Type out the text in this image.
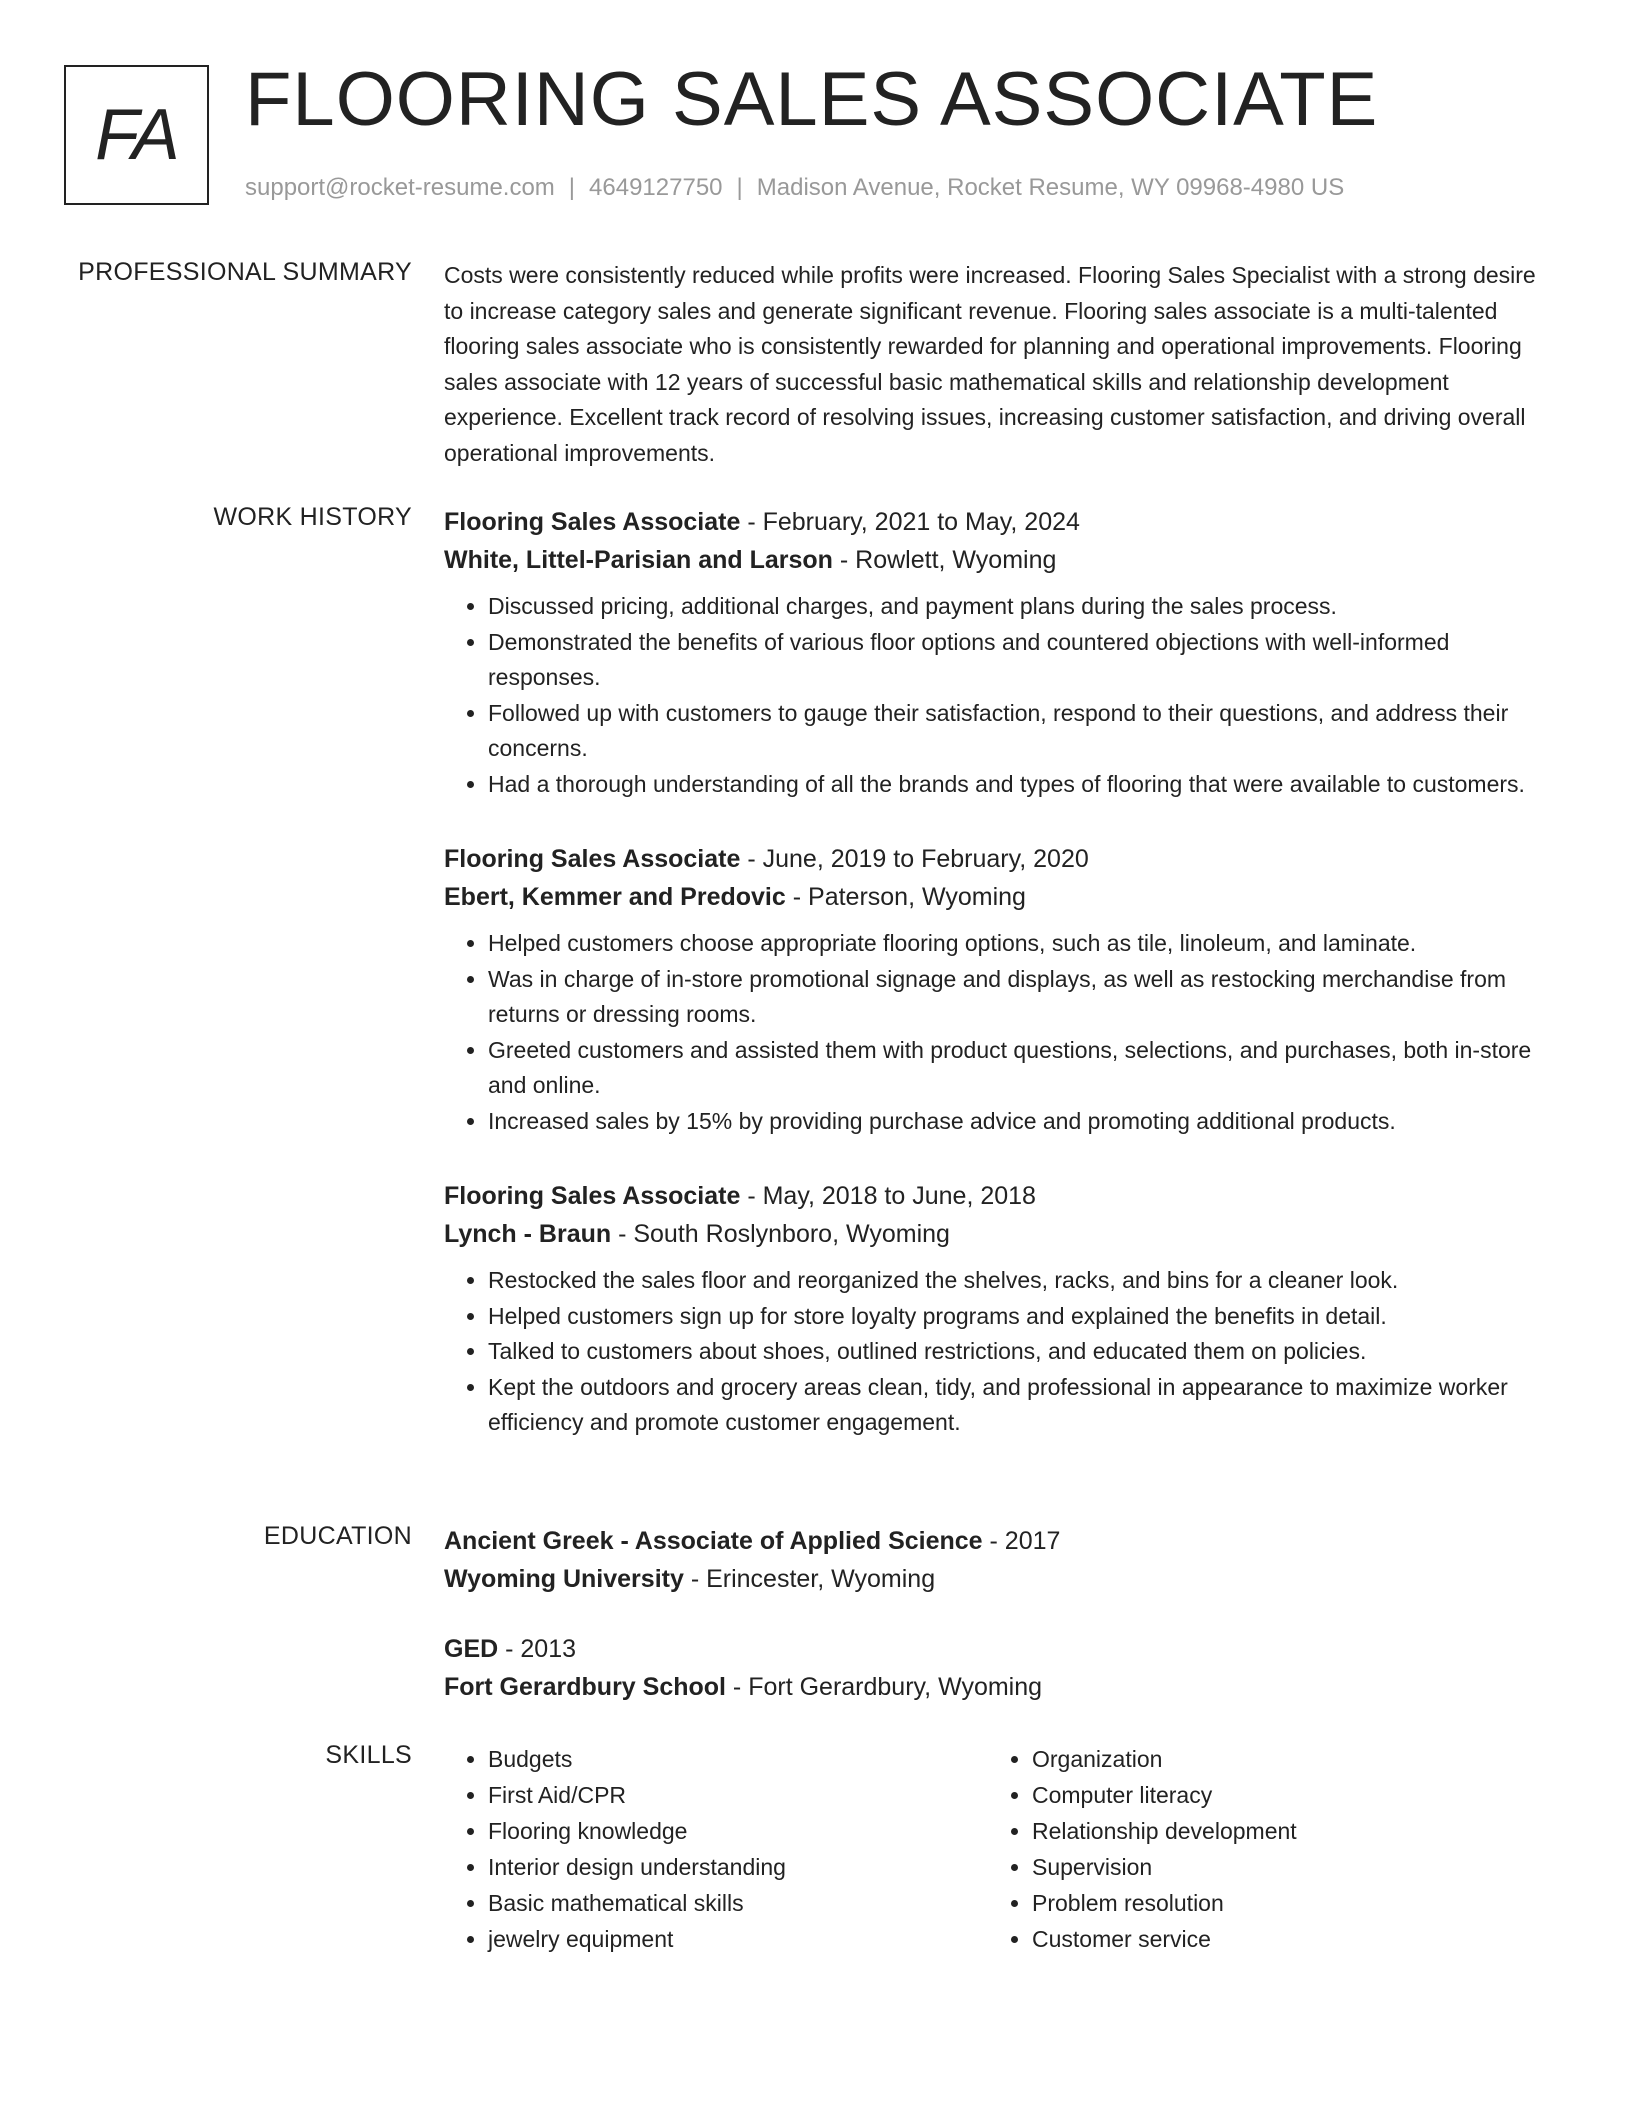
FA FLOORING SALES ASSOCIATE
support@rocket-resume.com | 4649127750 | Madison Avenue, Rocket Resume, WY 09968-4980 US
PROFESSIONAL SUMMARY Costs were consistently reduced while profits were increased. Flooring Sales Specialist with a strong desire to increase category sales and generate significant revenue. Flooring sales associate is a multi-talented flooring sales associate who is consistently rewarded for planning and operational improvements. Flooring sales associate with 12 years of successful basic mathematical skills and relationship development experience. Excellent track record of resolving issues, increasing customer satisfaction, and driving overall operational improvements.

WORK HISTORY Flooring Sales Associate - February, 2021 to May, 2024
White, Littel-Parisian and Larson - Rowlett, Wyoming
• Discussed pricing, additional charges, and payment plans during the sales process.
• Demonstrated the benefits of various floor options and countered objections with well-informed responses.
• Followed up with customers to gauge their satisfaction, respond to their questions, and address their concerns.
• Had a thorough understanding of all the brands and types of flooring that were available to customers.
Flooring Sales Associate - June, 2019 to February, 2020
Ebert, Kemmer and Predovic - Paterson, Wyoming
• Helped customers choose appropriate flooring options, such as tile, linoleum, and laminate.
• Was in charge of in-store promotional signage and displays, as well as restocking merchandise from returns or dressing rooms.
• Greeted customers and assisted them with product questions, selections, and purchases, both in-store and online.
• Increased sales by 15% by providing purchase advice and promoting additional products.
Flooring Sales Associate - May, 2018 to June, 2018
Lynch - Braun - South Roslynboro, Wyoming
• Restocked the sales floor and reorganized the shelves, racks, and bins for a cleaner look.
• Helped customers sign up for store loyalty programs and explained the benefits in detail.
• Talked to customers about shoes, outlined restrictions, and educated them on policies.
• Kept the outdoors and grocery areas clean, tidy, and professional in appearance to maximize worker efficiency and promote customer engagement.
EDUCATION Ancient Greek - Associate of Applied Science - 2017
Wyoming University - Erincester, Wyoming
GED - 2013
Fort Gerardbury School - Fort Gerardbury, Wyoming
SKILLS
•	Budgets
• First Aid/CPR
• Flooring knowledge
• Interior design understanding
• Basic mathematical skills
• jewelry equipment
• Organization
• Computer literacy
• Relationship development
• Supervision
• Problem resolution
• Customer service
